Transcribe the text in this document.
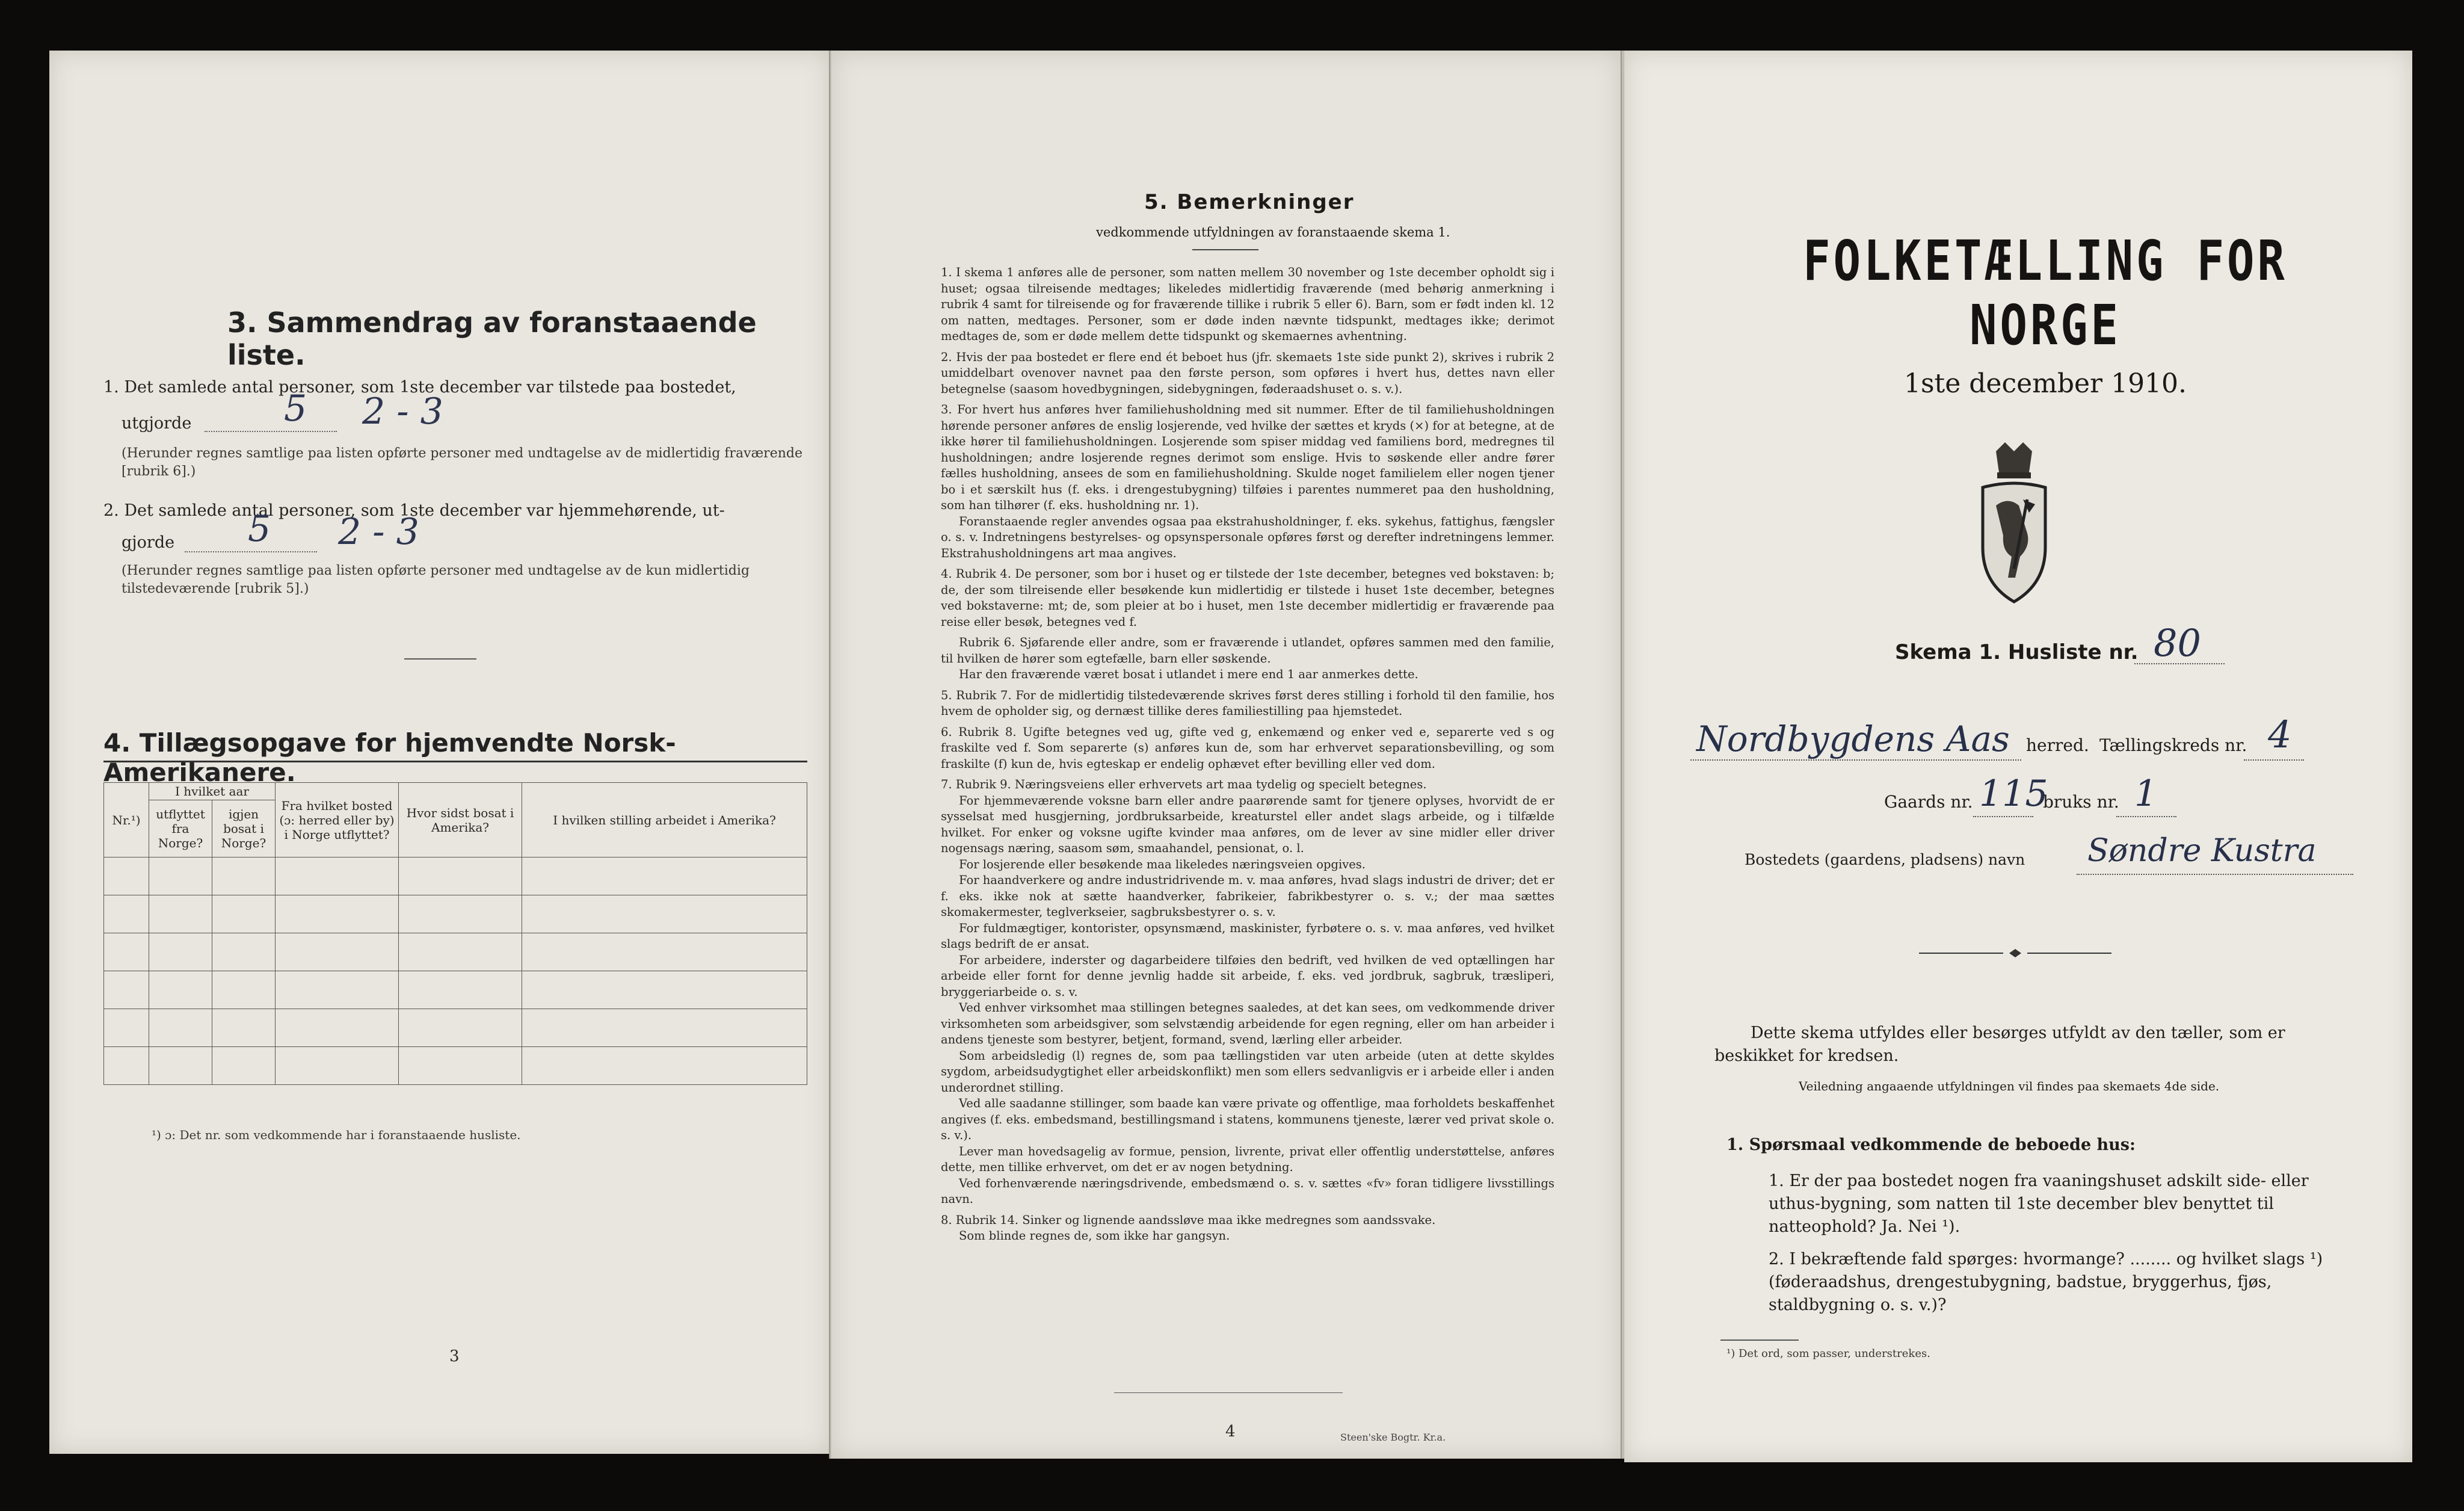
3. Sammendrag av foranstaaende liste.
1. Det samlede antal personer, som 1ste december var tilstede paa bostedet,
utgjorde	5 2 - 3
(Herunder regnes samtlige paa listen opførte personer med undtagelse av de midlertidig fraværende [rubrik 6].)
2. Det samlede antal personer, som 1ste december var hjemmehørende, ut-
gjorde 5 2 - 3
(Herunder regnes samtlige paa listen opførte personer med undtagelse av de kun midlertidig tilstedeværende [rubrik 5].)
4. Tillægsopgave for hjemvendte Norsk-Amerikanere.
Nr.¹)	I hvilket aar		Fra hvilket bosted (ɔ: herred eller by) i Norge utflyttet?	Hvor sidst bosat i Amerika?	I hvilken stilling arbeidet i Amerika?
	utflyttet fra Norge?	igjen bosat i Norge?			

¹) ɔ: Det nr. som vedkommende har i foranstaaende husliste.
3
5. Bemerkninger
vedkommende utfyldningen av foranstaaende skema 1.

1. I skema 1 anføres alle de personer, som natten mellem 30 november og 1ste december opholdt sig i huset; ogsaa tilreisende medtages; likeledes midlertidig fraværende (med behørig anmerkning i rubrik 4 samt for tilreisende og for fraværende tillike i rubrik 5 eller 6). Barn, som er født inden kl. 12 om natten, medtages. Personer, som er døde inden nævnte tidspunkt, medtages ikke; derimot medtages de, som er døde mellem dette tidspunkt og skemaernes avhentning.

2. Hvis der paa bostedet er flere end ét beboet hus (jfr. skemaets 1ste side punkt 2), skrives i rubrik 2 umiddelbart ovenover navnet paa den første person, som opføres i hvert hus, dettes navn eller betegnelse (saasom hovedbygningen, sidebygningen, føderaadshuset o. s. v.).

3. For hvert hus anføres hver familiehusholdning med sit nummer. Efter de til familiehusholdningen hørende personer anføres de enslig losjerende, ved hvilke der sættes et kryds (×) for at betegne, at de ikke hører til familiehusholdningen. Losjerende som spiser middag ved familiens bord, medregnes til husholdningen; andre losjerende regnes derimot som enslige. Hvis to søskende eller andre fører fælles husholdning, ansees de som en familiehusholdning. Skulde noget familielem eller nogen tjener bo i et særskilt hus (f. eks. i drengestubygning) tilføies i parentes nummeret paa den husholdning, som han tilhører (f. eks. husholdning nr. 1).

Foranstaaende regler anvendes ogsaa paa ekstrahusholdninger, f. eks. sykehus, fattighus, fængsler o. s. v. Indretningens bestyrelses- og opsynspersonale opføres først og derefter indretningens lemmer. Ekstrahusholdningens art maa angives.

4. Rubrik 4. De personer, som bor i huset og er tilstede der 1ste december, betegnes ved bokstaven: b; de, der som tilreisende eller besøkende kun midlertidig er tilstede i huset 1ste december, betegnes ved bokstaverne: mt; de, som pleier at bo i huset, men 1ste december midlertidig er fraværende paa reise eller besøk, betegnes ved f.

Rubrik 6. Sjøfarende eller andre, som er fraværende i utlandet, opføres sammen med den familie, til hvilken de hører som egtefælle, barn eller søskende.

Har den fraværende været bosat i utlandet i mere end 1 aar anmerkes dette.

5. Rubrik 7. For de midlertidig tilstedeværende skrives først deres stilling i forhold til den familie, hos hvem de opholder sig, og dernæst tillike deres familiestilling paa hjemstedet.

6. Rubrik 8. Ugifte betegnes ved ug, gifte ved g, enkemænd og enker ved e, separerte ved s og fraskilte ved f. Som separerte (s) anføres kun de, som har erhvervet separationsbevilling, og som fraskilte (f) kun de, hvis egteskap er endelig ophævet efter bevilling eller ved dom.

7. Rubrik 9. Næringsveiens eller erhvervets art maa tydelig og specielt betegnes.

For hjemmeværende voksne barn eller andre paarørende samt for tjenere oplyses, hvorvidt de er sysselsat med husgjerning, jordbruksarbeide, kreaturstel eller andet slags arbeide, og i tilfælde hvilket. For enker og voksne ugifte kvinder maa anføres, om de lever av sine midler eller driver nogensags næring, saasom søm, smaahandel, pensionat, o. l.

For losjerende eller besøkende maa likeledes næringsveien opgives.

For haandverkere og andre industridrivende m. v. maa anføres, hvad slags industri de driver; det er f. eks. ikke nok at sætte haandverker, fabrikeier, fabrikbestyrer o. s. v.; der maa sættes skomakermester, teglverkseier, sagbruksbestyrer o. s. v.

For fuldmægtiger, kontorister, opsynsmænd, maskinister, fyrbøtere o. s. v. maa anføres, ved hvilket slags bedrift de er ansat.

For arbeidere, inderster og dagarbeidere tilføies den bedrift, ved hvilken de ved optællingen har arbeide eller fornt for denne jevnlig hadde sit arbeide, f. eks. ved jordbruk, sagbruk, træsliperi, bryggeriarbeide o. s. v.

Ved enhver virksomhet maa stillingen betegnes saaledes, at det kan sees, om vedkommende driver virksomheten som arbeidsgiver, som selvstændig arbeidende for egen regning, eller om han arbeider i andens tjeneste som bestyrer, betjent, formand, svend, lærling eller arbeider.

Som arbeidsledig (l) regnes de, som paa tællingstiden var uten arbeide (uten at dette skyldes sygdom, arbeidsudygtighet eller arbeidskonflikt) men som ellers sedvanligvis er i arbeide eller i anden underordnet stilling.

Ved alle saadanne stillinger, som baade kan være private og offentlige, maa forholdets beskaffenhet angives (f. eks. embedsmand, bestillingsmand i statens, kommunens tjeneste, lærer ved privat skole o. s. v.).

Lever man hovedsagelig av formue, pension, livrente, privat eller offentlig understøttelse, anføres dette, men tillike erhvervet, om det er av nogen betydning.

Ved forhenværende næringsdrivende, embedsmænd o. s. v. sættes «fv» foran tidligere livsstillings navn.

8. Rubrik 14. Sinker og lignende aandssløve maa ikke medregnes som aandssvake.

Som blinde regnes de, som ikke har gangsyn.

4	Steen'ske Bogtr. Kr.a.
FOLKETÆLLING FOR NORGE
1ste december 1910.
Skema 1. Husliste nr. 80
Nordbygdens Aas herred. Tællingskreds nr. 4
Gaards nr. 115
bruks nr. 1
Bostedets (gaardens, pladsens) navn Søndre Kustra
Dette skema utfyldes eller besørges utfyldt av den tæller, som er beskikket for kredsen.
Veiledning angaaende utfyldningen vil findes paa skemaets 4de side.
1. Spørsmaal vedkommende de beboede hus:
1. Er der paa bostedet nogen fra vaaningshuset adskilt side- eller uthus-bygning, som natten til 1ste december blev benyttet til natteophold? Ja. Nei ¹).
2. I bekræftende fald spørges: hvormange? ........ og hvilket slags ¹) (føderaadshus, drengestubygning, badstue, bryggerhus, fjøs, staldbygning o. s. v.)?
¹) Det ord, som passer, understrekes.
